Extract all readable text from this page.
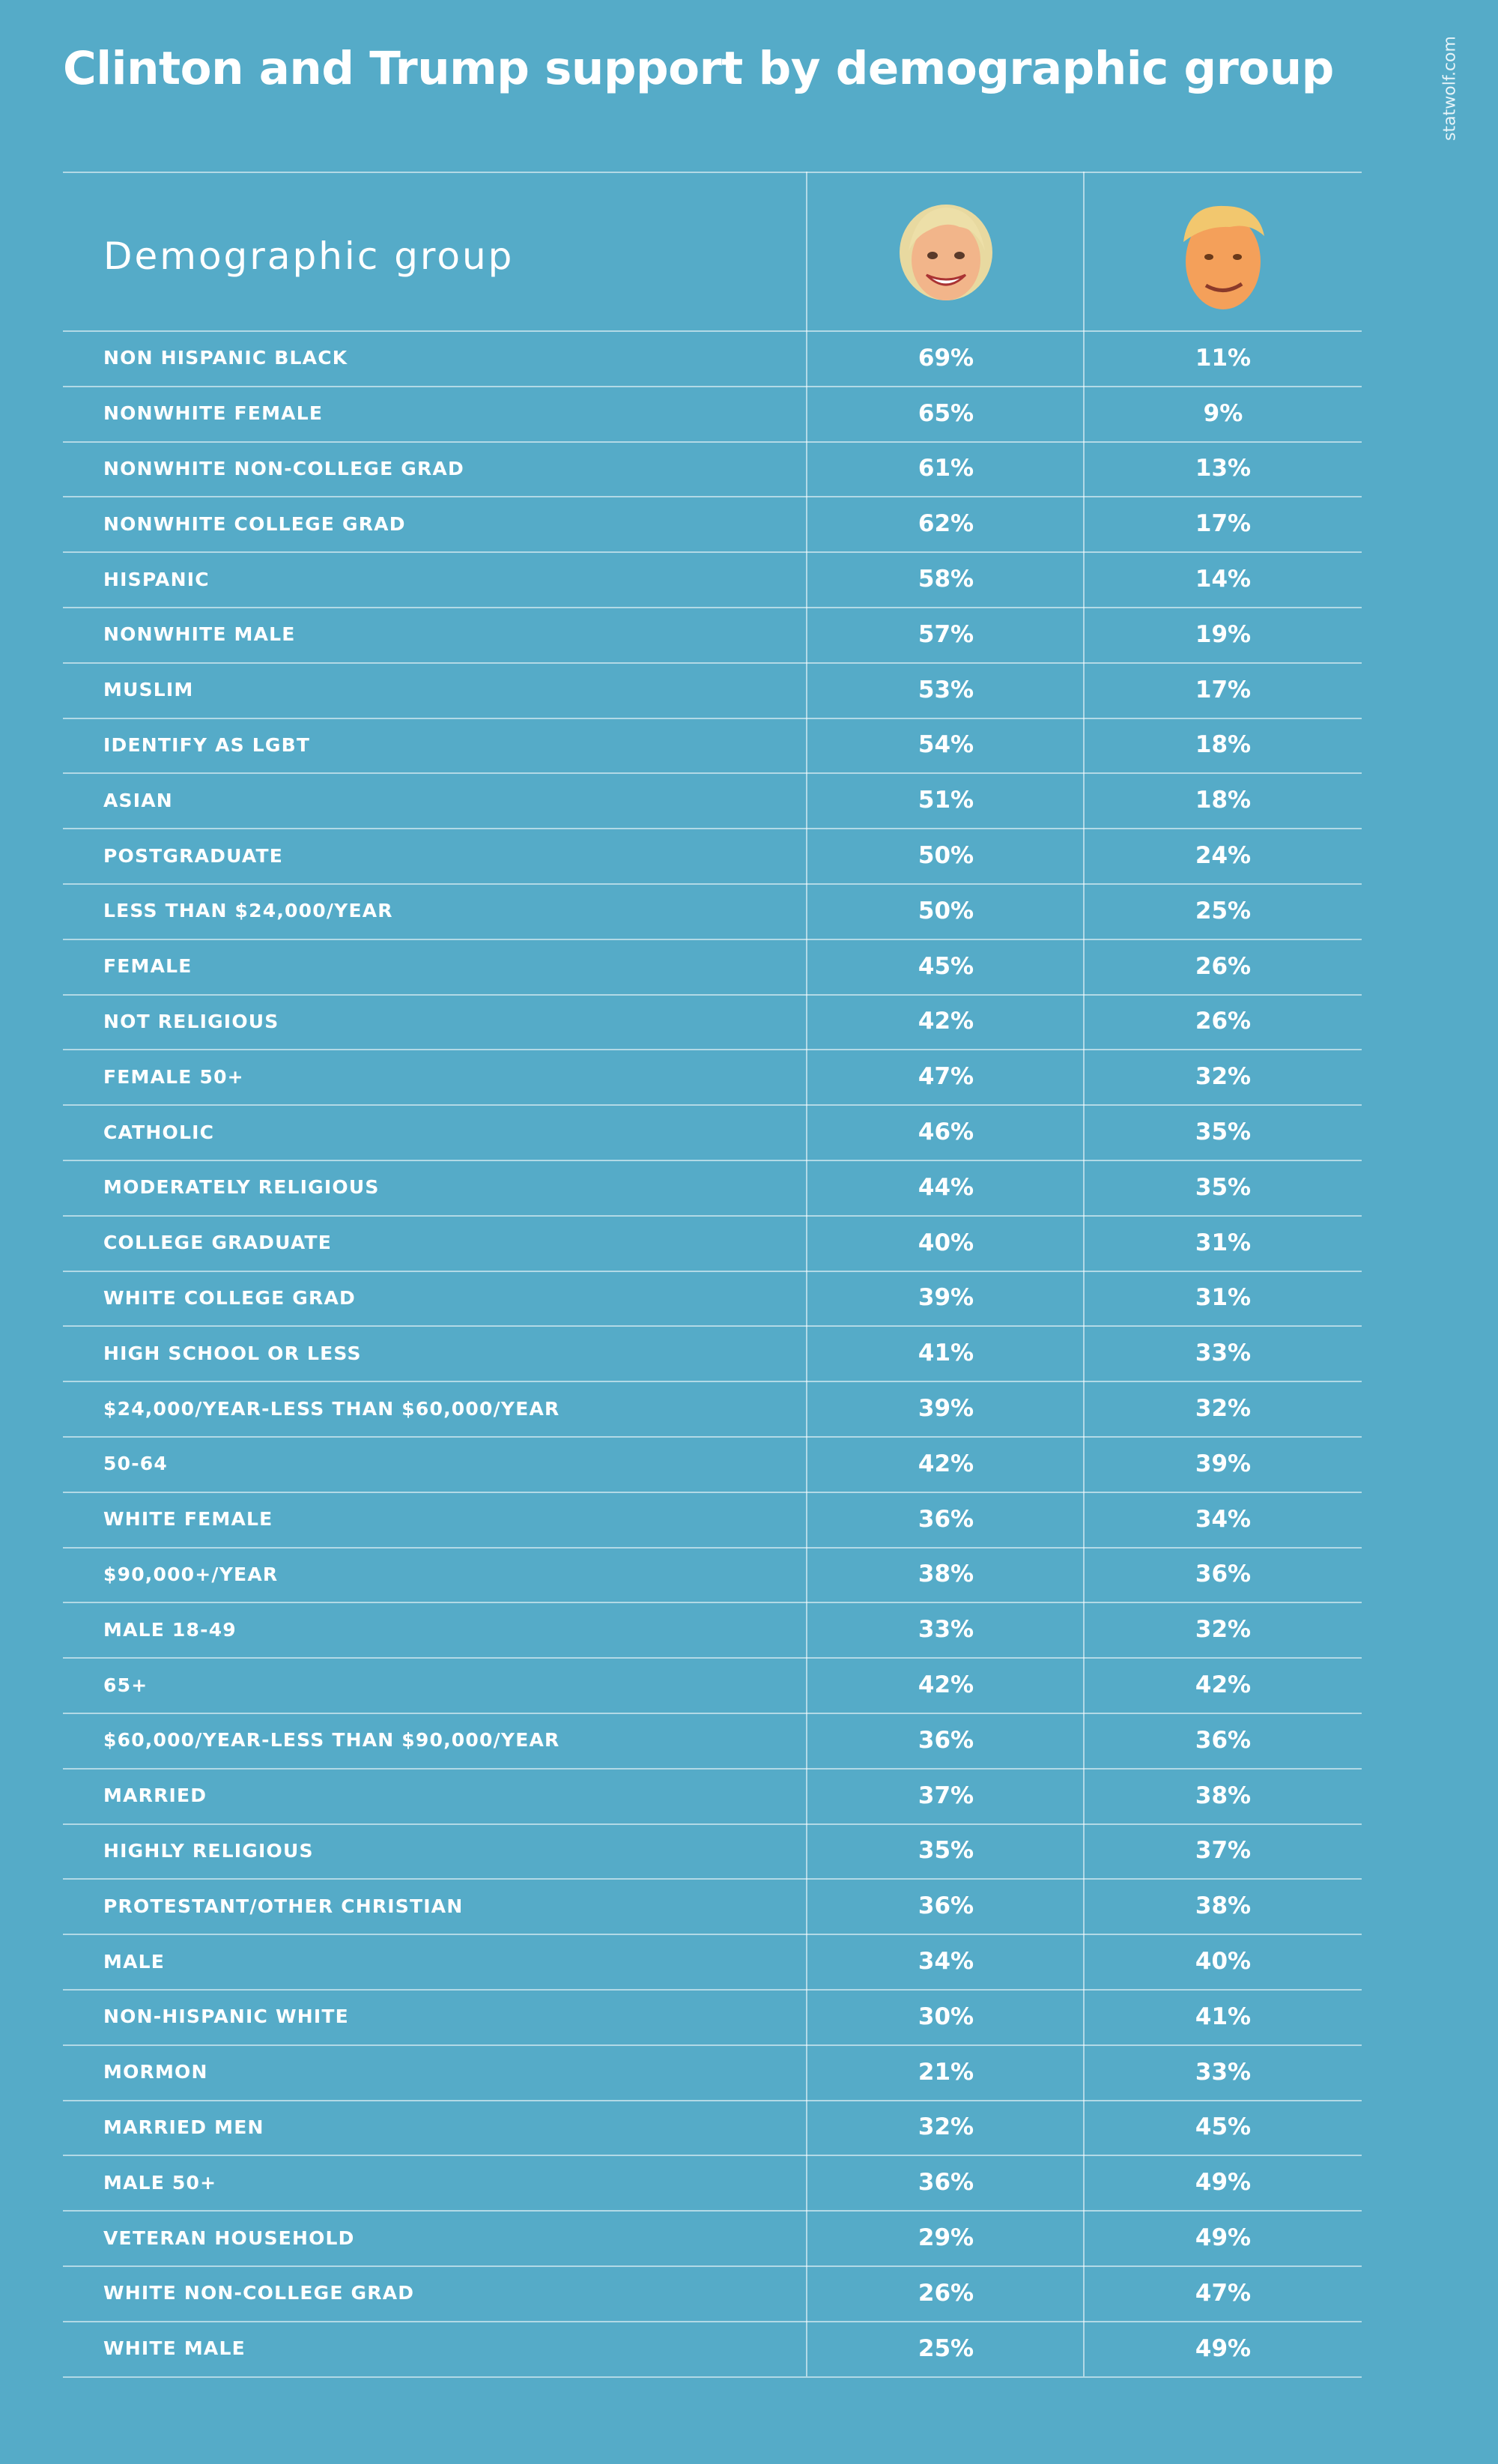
Clinton and Trump support by demographic group	statwolf.com
Demographic group
NON HISPANIC BLACK	69%	11%
NONWHITE FEMALE	65%	9%
NONWHITE NON-COLLEGE GRAD	61%	13%
NONWHITE COLLEGE GRAD	62%	17%
HISPANIC	58%	14%
NONWHITE MALE	57%	19%
MUSLIM	53%	17%
IDENTIFY AS LGBT	54%	18%
ASIAN	51%	18%
POSTGRADUATE	50%	24%
LESS THAN $24,000/YEAR	50%	25%
FEMALE	45%	26%
NOT RELIGIOUS	42%	26%
FEMALE 50+	47%	32%
CATHOLIC	46%	35%
MODERATELY RELIGIOUS	44%	35%
COLLEGE GRADUATE	40%	31%
WHITE COLLEGE GRAD	39%	31%
HIGH SCHOOL OR LESS	41%	33%
$24,000/YEAR-LESS THAN $60,000/YEAR	39%	32%
50-64	42%	39%
WHITE FEMALE	36%	34%
$90,000+/YEAR	38%	36%
MALE 18-49	33%	32%
65+	42%	42%
$60,000/YEAR-LESS THAN $90,000/YEAR	36%	36%
MARRIED	37%	38%
HIGHLY RELIGIOUS	35%	37%
PROTESTANT/OTHER CHRISTIAN	36%	38%
MALE	34%	40%
NON-HISPANIC WHITE	30%	41%
MORMON	21%	33%
MARRIED MEN	32%	45%
MALE 50+	36%	49%
VETERAN HOUSEHOLD	29%	49%
WHITE NON-COLLEGE GRAD	26%	47%
WHITE MALE	25%	49%
